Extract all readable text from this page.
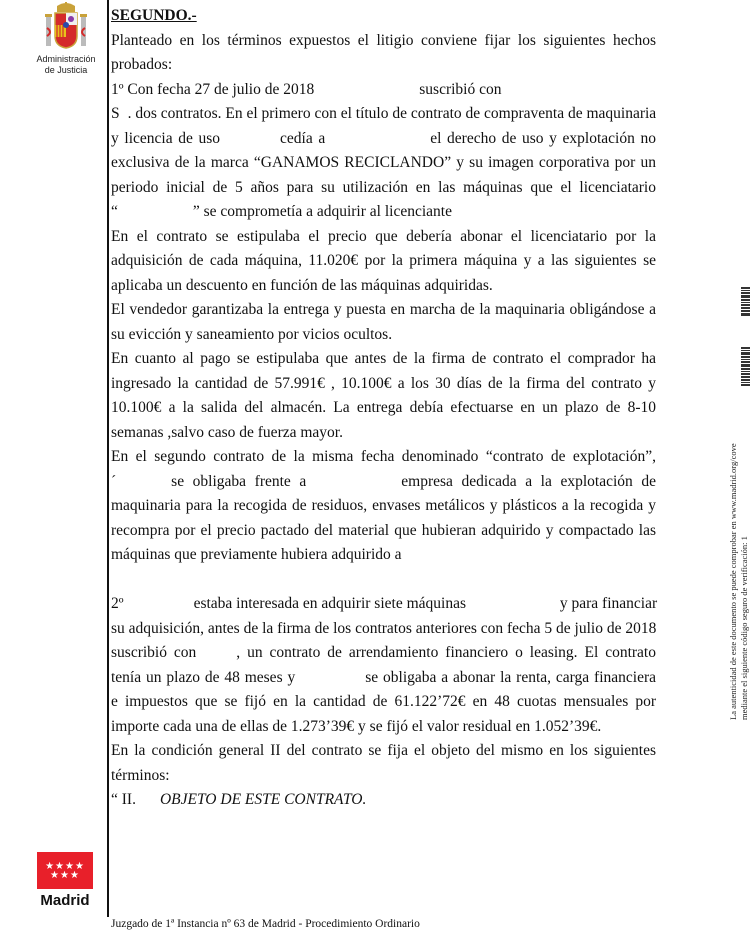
Administración
de Justicia
SEGUNDO.-
Planteado en los términos expuestos el litigio conviene fijar los siguientes hechos
probados:
1º Con fecha 27 de julio de 2018	suscribió con
S . dos contratos. En el primero con el título de contrato de compraventa de maquinaria
y licencia de uso	cedía a	el derecho de uso y explotación no
exclusiva de la marca “GANAMOS RECICLANDO” y su imagen corporativa por un
periodo inicial de 5 años para su utilización en las máquinas que el licenciatario
“	” se comprometía a adquirir al licenciante
En el contrato se estipulaba el precio que debería abonar el licenciatario por la
adquisición de cada máquina, 11.020€ por la primera máquina y a las siguientes se
aplicaba un descuento en función de las máquinas adquiridas.
El vendedor garantizaba la entrega y puesta en marcha de la maquinaria obligándose a
su evicción y saneamiento por vicios ocultos.
En cuanto al pago se estipulaba que antes de la firma de contrato el comprador ha
ingresado la cantidad de 57.991€ , 10.100€ a los 30 días de la firma del contrato y
10.100€ a la salida del almacén. La entrega debía efectuarse en un plazo de 8-10
semanas ,salvo caso de fuerza mayor.
En el segundo contrato de la misma fecha denominado “contrato de explotación”,
´	se obligaba frente a	empresa dedicada a la explotación de
maquinaria para la recogida de residuos, envases metálicos y plásticos a la recogida y
recompra por el precio pactado del material que hubieran adquirido y compactado las
máquinas que previamente hubiera adquirido a
2º	estaba interesada en adquirir siete máquinas	y para financiar
su adquisición, antes de la firma de los contratos anteriores con fecha 5 de julio de 2018
suscribió con	, un contrato de arrendamiento financiero o leasing. El contrato
tenía un plazo de 48 meses y	se obligaba a abonar la renta, carga financiera
e impuestos que se fijó en la cantidad de 61.122’72€ en 48 cuotas mensuales por
importe cada una de ellas de 1.273’39€ y se fijó el valor residual en 1.052’39€.
En la condición general II del contrato se fija el objeto del mismo en los siguientes
términos:
“ II. OBJETO DE ESTE CONTRATO.
★★★★
★★★
Madrid
Juzgado de 1ª Instancia nº 63 de Madrid - Procedimiento Ordinario
La autenticidad de este documento se puede comprobar en www.madrid.org/cove mediante el siguiente código seguro de verificación: 1
